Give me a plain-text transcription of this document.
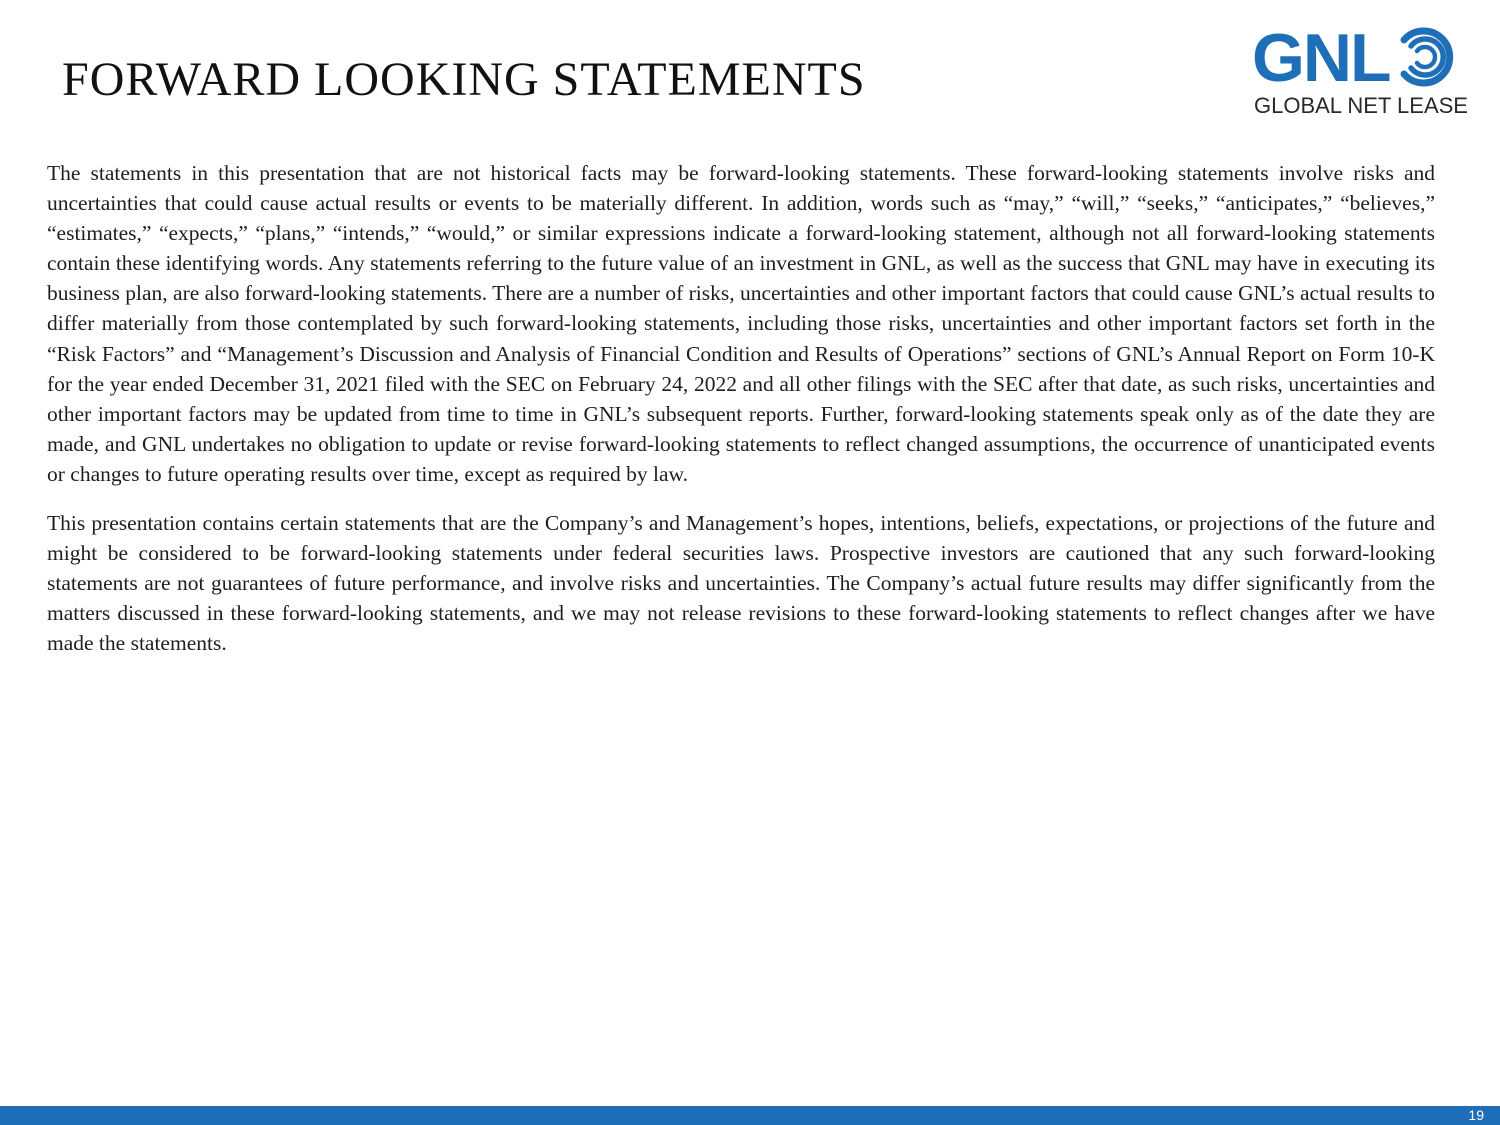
FORWARD LOOKING STATEMENTS	GNL
GLOBAL NET LEASE

The statements in this presentation that are not historical facts may be forward-looking statements. These forward-looking statements involve risks and uncertainties that could cause actual results or events to be materially different. In addition, words such as “may,” “will,” “seeks,” “anticipates,” “believes,” “estimates,” “expects,” “plans,” “intends,” “would,” or similar expressions indicate a forward-looking statement, although not all forward-looking statements contain these identifying words. Any statements referring to the future value of an investment in GNL, as well as the success that GNL may have in executing its business plan, are also forward-looking statements. There are a number of risks, uncertainties and other important factors that could cause GNL’s actual results to differ materially from those contemplated by such forward-looking statements, including those risks, uncertainties and other important factors set forth in the “Risk Factors” and “Management’s Discussion and Analysis of Financial Condition and Results of Operations” sections of GNL’s Annual Report on Form 10-K for the year ended December 31, 2021 filed with the SEC on February 24, 2022 and all other filings with the SEC after that date, as such risks, uncertainties and other important factors may be updated from time to time in GNL’s subsequent reports. Further, forward-looking statements speak only as of the date they are made, and GNL undertakes no obligation to update or revise forward-looking statements to reflect changed assumptions, the occurrence of unanticipated events or changes to future operating results over time, except as required by law.

This presentation contains certain statements that are the Company’s and Management’s hopes, intentions, beliefs, expectations, or projections of the future and might be considered to be forward-looking statements under federal securities laws. Prospective investors are cautioned that any such forward-looking statements are not guarantees of future performance, and involve risks and uncertainties. The Company’s actual future results may differ significantly from the matters discussed in these forward-looking statements, and we may not release revisions to these forward-looking statements to reflect changes after we have made the statements.

19
